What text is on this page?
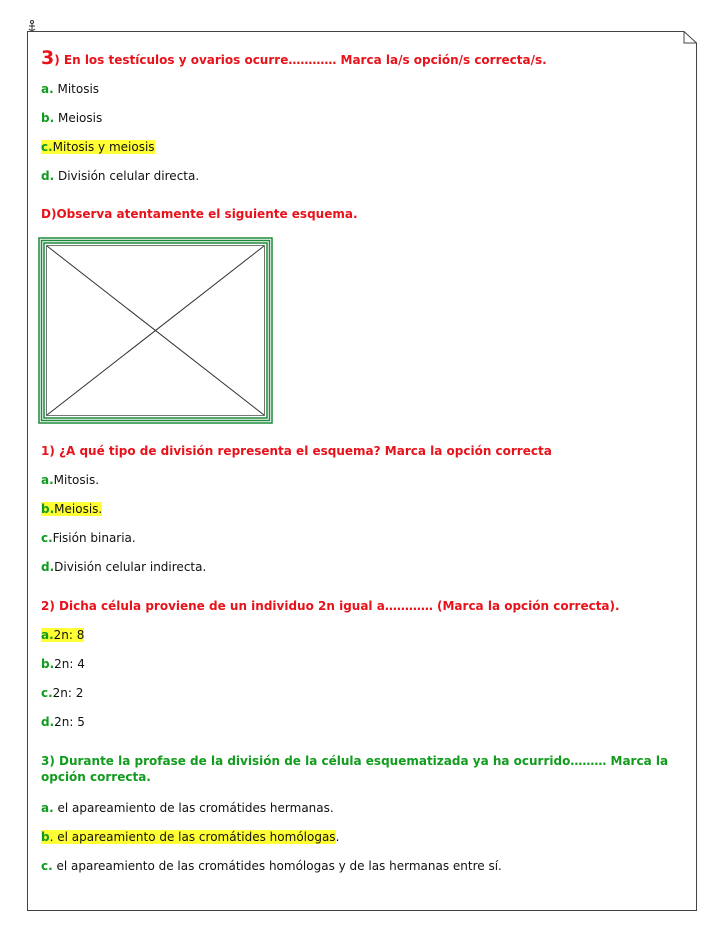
3) En los testículos y ovarios ocurre………… Marca la/s opción/s correcta/s.
a. Mitosis
b. Meiosis
c.Mitosis y meiosis
d. División celular directa.
D)Observa atentamente el siguiente esquema.
1) ¿A qué tipo de división representa el esquema? Marca la opción correcta
a.Mitosis.
b.Meiosis.
c.Fisión binaria.
d.División celular indirecta.
2) Dicha célula proviene de un individuo 2n igual a………… (Marca la opción correcta).
a.2n: 8
b.2n: 4
c.2n: 2
d.2n: 5
3) Durante la profase de la división de la célula esquematizada ya ha ocurrido……… Marca la
opción correcta.
a. el apareamiento de las cromátides hermanas.
b. el apareamiento de las cromátides homólogas.
c. el apareamiento de las cromátides homólogas y de las hermanas entre sí.
